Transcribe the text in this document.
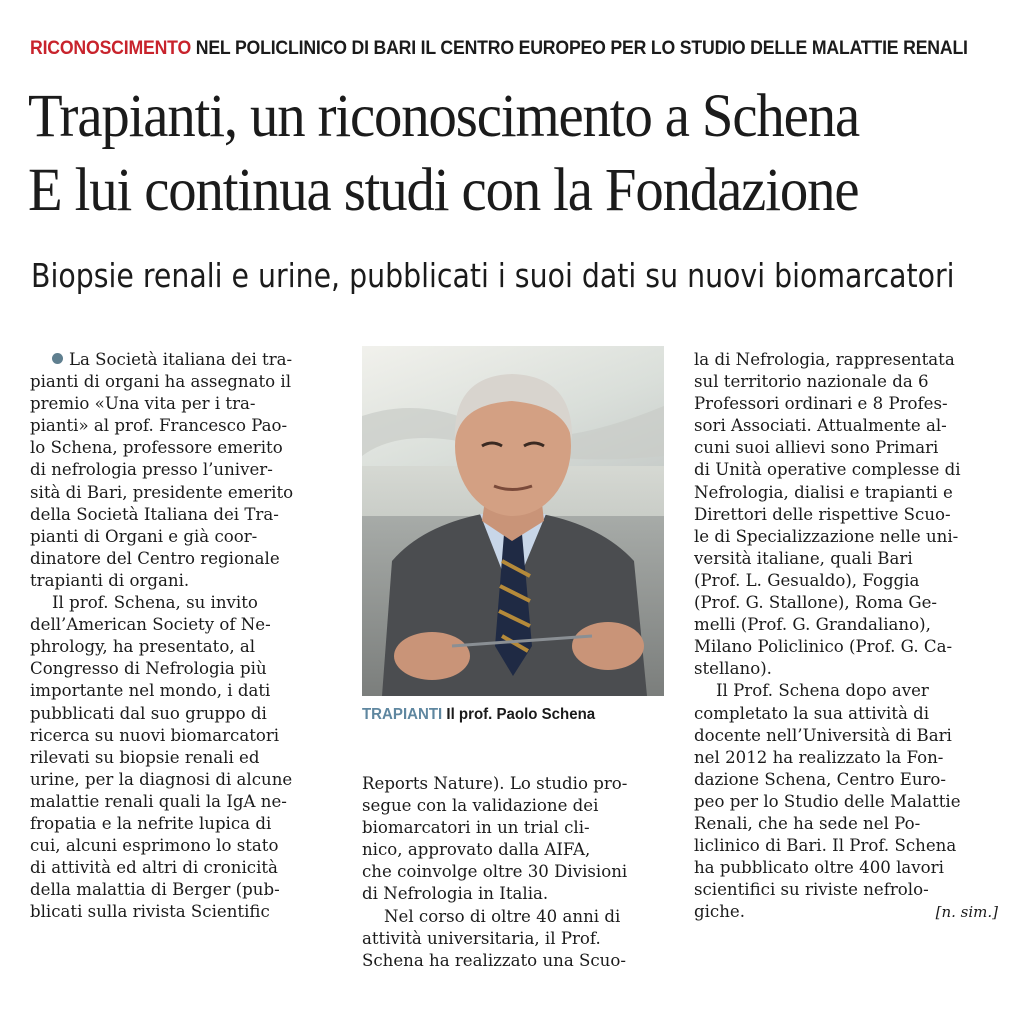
RICONOSCIMENTO NEL POLICLINICO DI BARI IL CENTRO EUROPEO PER LO STUDIO DELLE MALATTIE RENALI
Trapianti, un riconoscimento a Schena
E lui continua studi con la Fondazione
Biopsie renali e urine, pubblicati i suoi dati su nuovi biomarcatori
La Società italiana dei tra-
pianti di organi ha assegnato il
premio «Una vita per i tra-
pianti» al prof. Francesco Pao-
lo Schena, professore emerito
di nefrologia presso l’univer-
sità di Bari, presidente emerito
della Società Italiana dei Tra-
pianti di Organi e già coor-
dinatore del Centro regionale
trapianti di organi.
Il prof. Schena, su invito
dell’American Society of Ne-
phrology, ha presentato, al
Congresso di Nefrologia più
importante nel mondo, i dati
pubblicati dal suo gruppo di
ricerca su nuovi biomarcatori
rilevati su biopsie renali ed
urine, per la diagnosi di alcune
malattie renali quali la IgA ne-
fropatia e la nefrite lupica di
cui, alcuni esprimono lo stato
di attività ed altri di cronicità
della malattia di Berger (pub-
blicati sulla rivista Scientific
TRAPIANTI Il prof. Paolo Schena
Reports Nature). Lo studio pro-
segue con la validazione dei
biomarcatori in un trial cli-
nico, approvato dalla AIFA,
che coinvolge oltre 30 Divisioni
di Nefrologia in Italia.
Nel corso di oltre 40 anni di
attività universitaria, il Prof.
Schena ha realizzato una Scuo-
la di Nefrologia, rappresentata
sul territorio nazionale da 6
Professori ordinari e 8 Profes-
sori Associati. Attualmente al-
cuni suoi allievi sono Primari
di Unità operative complesse di
Nefrologia, dialisi e trapianti e
Direttori delle rispettive Scuo-
le di Specializzazione nelle uni-
versità italiane, quali Bari
(Prof. L. Gesualdo), Foggia
(Prof. G. Stallone), Roma Ge-
melli (Prof. G. Grandaliano),
Milano Policlinico (Prof. G. Ca-
stellano).
Il Prof. Schena dopo aver
completato la sua attività di
docente nell’Università di Bari
nel 2012 ha realizzato la Fon-
dazione Schena, Centro Euro-
peo per lo Studio delle Malattie
Renali, che ha sede nel Po-
liclinico di Bari. Il Prof. Schena
ha pubblicato oltre 400 lavori
scientifici su riviste nefrolo-
giche.	[n. sim.]
